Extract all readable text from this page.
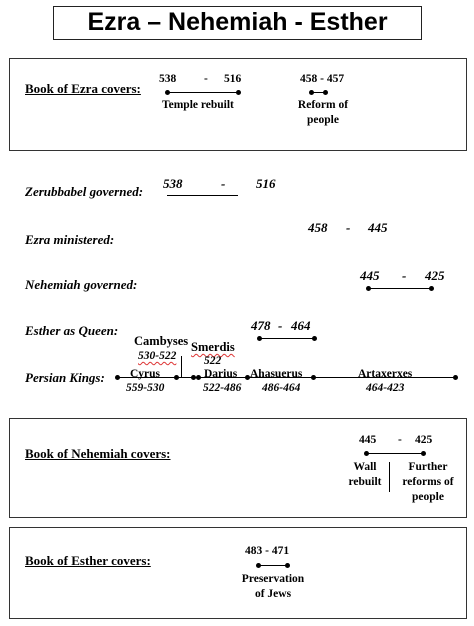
Ezra – Nehemiah - Esther
Book of Ezra covers:
538 - 516
Temple rebuilt
458 - 457
Reform of
people
Zerubbabel governed:
538	- 516
Ezra ministered:
458 - 445
Nehemiah governed:
445 - 425
Esther as Queen:	478 - 464
Cambyses Smerdis
530-522 522
Persian Kings: Cyrus	Darius Ahasuerus	Artaxerxes
559-530	522-486 486-464	464-423
Book of Nehemiah covers:
445 - 425
Wall
rebuilt
Further
reforms of
people
Book of Esther covers:
483 - 471
Preservation
of Jews
